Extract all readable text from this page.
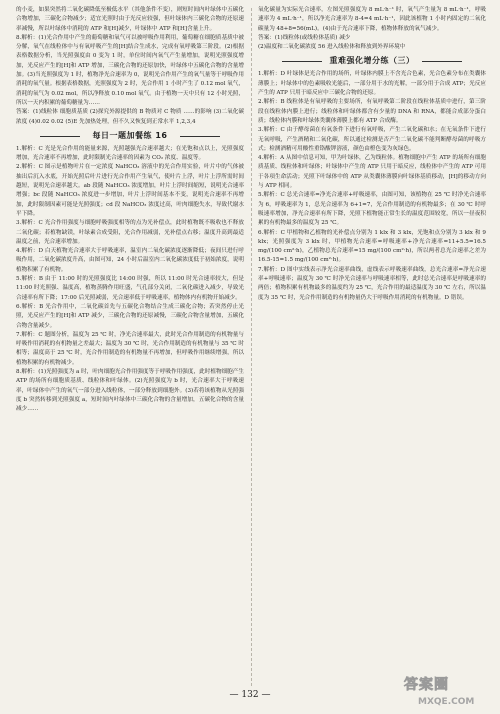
的小麦，如果突然将二氧化碳降低至极低水平（其他条件不变），则短时间内叶绿体中五碳化合物增加，三碳化合物减少；适宜光照时由于光反应较强，但叶绿体内三碳化合物的还原速率减慢，所以叶绿体中消耗的 ATP 和[H]减少，叶绿体中 ATP 和[H]含量上升。

8.解析：(1)光合作用中产生的葡萄糖和氧气可以被呼吸作用利用，葡萄糖在细胞质基质中被分解，氧气在线粒体中与有氧呼吸产生的[H]结合生成水，完成有氧呼吸第三阶段。(2)根据表格数据分析，当光照强度由 0 变为 1 时，单位时间内氧气产生量增加，说明光照强度增加，光反应产生的[H]和 ATP 增加，三碳化合物的还原加快，叶绿体中五碳化合物的含量增加。(3)当光照强度为 1 时，植物净光合速率为 0，说明光合作用产生的氧气量等于呼吸作用消耗的氧气量。根据表格数据，光照强度为 2 时，光合作用 1 小时产生了 0.12 mol 氧气，消耗的氧气为 0.02 mol，所以净释放 0.10 mol 氧气。由于植物一天中只有 12 小时光照，所以一天内积累的葡萄糖量为……

答案：(1)线粒体 细胞质基质 (2)探究外源提供的 B 物质对 C 物质 ……的影响 (3)二氧化碳浓度 (4)0.02 0.02 (5)E 先加热处理，但不久又恢复到正常水平 1,2,3,4

每日一题加餐练 16

1.解析：C 光是光合作用的能量来源，光照越强光合速率越大；在光饱和点以上，光照强度增加，光合速率不再增加，此时限制光合速率的因素为 CO₂ 浓度、温度等。

2.解析：C 图示是植物叶片在一定浓度 NaHCO₃ 溶液中的光合作用实验，叶片中的气体被抽出后沉入水底，开始光照后叶片进行光合作用产生氧气，使叶片上浮，叶片上浮所需时间越短，说明光合速率越大。ab 段随 NaHCO₃ 浓度增加，叶片上浮时间缩短，说明光合速率增强；bc 段随 NaHCO₃ 浓度进一步增加，叶片上浮时间基本不变，说明光合速率不再增加，此时限制因素可能是光照强度；cd 段 NaHCO₃ 浓度过高，叶肉细胞失水，导致代谢水平下降。

3.解析：C 光合作用强度与细胞呼吸强度相等的点为光补偿点，此时植物既不吸收也不释放二氧化碳；若植物缺镁，叶绿素合成受阻，光合作用减弱，光补偿点右移；温度升高到最适温度之前，光合速率增加。

4.解析：D 白天植物光合速率大于呼吸速率，温室内二氧化碳浓度逐渐降低；夜间只进行呼吸作用，二氧化碳浓度升高，由图可知，24 小时后温室内二氧化碳浓度低于初始浓度，说明植物积累了有机物。

5.解析：B 由于 11:00 时的光照强度比 14:00 时强，所以 11:00 时光合速率较大，但是 11:00 时光照强、温度高，植物蒸腾作用旺盛，气孔部分关闭，二氧化碳进入减少，导致光合速率有所下降；17:00 后光照减弱，光合速率低于呼吸速率，植物体内有机物开始减少。

6.解析：B 光合作用中，二氧化碳首先与五碳化合物结合生成三碳化合物；若突然停止光照，光反应产生的[H]和 ATP 减少，三碳化合物的还原减慢，三碳化合物含量增加，五碳化合物含量减少。

7.解析：C 题图分析，温度为 25 ℃ 时，净光合速率最大，此时光合作用制造的有机物量与呼吸作用消耗的有机物量之差最大；温度为 30 ℃ 时，光合作用制造的有机物量与 35 ℃ 时相等；温度高于 25 ℃ 时，光合作用制造的有机物量不再增加，但呼吸作用继续增强，所以植物积累的有机物减少。

8.解析：(1)光照强度为 a 时，叶肉细胞光合作用强度等于呼吸作用强度，此时植物细胞产生 ATP 的场所有细胞质基质、线粒体和叶绿体。(2)光照强度为 b 时，光合速率大于呼吸速率，叶绿体中产生的氧气一部分进入线粒体，一部分释放到细胞外。(3)若将该植物从光照强度 b 突然转移到光照强度 a，短时间内叶绿体中三碳化合物的含量增加，五碳化合物的含量减少……

氧化碳量为实际光合速率，左图光照强度为 8 mL·h⁻¹ 时，氧气产生量为 8 mL·h⁻¹，呼吸速率为 4 mL·h⁻¹，所以净光合速率为 8-4=4 mL·h⁻¹，因此该植物 1 小时内固定的二氧化碳量为 48+8=56(mL)。(4)由于光合速率下降，植物体释放的氧气减少。

答案：(1)线粒体(或线粒体基质) 减少

(2)温度和二氧化碳浓度 56 进入线粒体和释放到外界环境中

重难强化增分练（三）

1.解析：D 叶绿体是光合作用的场所，叶绿体内膜上不含光合色素，光合色素分布在类囊体薄膜上；叶绿体中的色素吸收光能后，一部分用于水的光解，一部分用于合成 ATP；光反应产生的 ATP 只用于暗反应中三碳化合物的还原。

2.解析：B 线粒体是有氧呼吸的主要场所，有氧呼吸第二阶段在线粒体基质中进行，第三阶段在线粒体内膜上进行；线粒体和叶绿体都含有少量的 DNA 和 RNA，都能合成部分蛋白质；线粒体内膜和叶绿体类囊体薄膜上都有 ATP 合成酶。

3.解析：C 由于酵母菌在有氧条件下进行有氧呼吸，产生二氧化碳和水；在无氧条件下进行无氧呼吸，产生酒精和二氧化碳，所以通过检测是否产生二氧化碳不能判断酵母菌的呼吸方式；检测酒精可用酸性重铬酸钾溶液，颜色由橙色变为灰绿色。

4.解析：A 从图中信息可知，甲为叶绿体，乙为线粒体。植物细胞中产生 ATP 的场所有细胞质基质、线粒体和叶绿体；叶绿体中产生的 ATP 只用于暗反应，线粒体中产生的 ATP 可用于各项生命活动；光照下叶绿体中的 ATP 从类囊体薄膜向叶绿体基质移动，[H]的移动方向与 ATP 相同。

5.解析：C 总光合速率=净光合速率+呼吸速率，由图可知，该植物在 25 ℃ 时净光合速率为 6，呼吸速率为 1，总光合速率为 6+1=7，光合作用制造的有机物最多；在 30 ℃ 时呼吸速率增加，净光合速率有所下降，光照下植物能正常生长的温度范围较宽，所以一昼夜积累的有机物最多的温度为 25 ℃。

6.解析：C 甲植物和乙植物的光补偿点分别为 1 klx 和 3 klx，光饱和点分别为 3 klx 和 9 klx；光照强度为 3 klx 时，甲植物光合速率=呼吸速率+净光合速率=11+5.5=16.5 mg/(100 cm²·h)，乙植物总光合速率=15 mg/(100 cm²·h)，所以两者总光合速率之差为 16.5-15=1.5 mg/(100 cm²·h)。

7.解析：D 图中实线表示净光合速率曲线，虚线表示呼吸速率曲线，总光合速率=净光合速率+呼吸速率；温度为 30 ℃ 时净光合速率与呼吸速率相等，此时总光合速率是呼吸速率的两倍；植物积累有机物最多的温度约为 25 ℃，光合作用的最适温度为 30 ℃ 左右，所以温度为 35 ℃ 时，光合作用制造的有机物量仍大于呼吸作用消耗的有机物量。D 错误。

— 132 —
答案圈
MXQE.COM
